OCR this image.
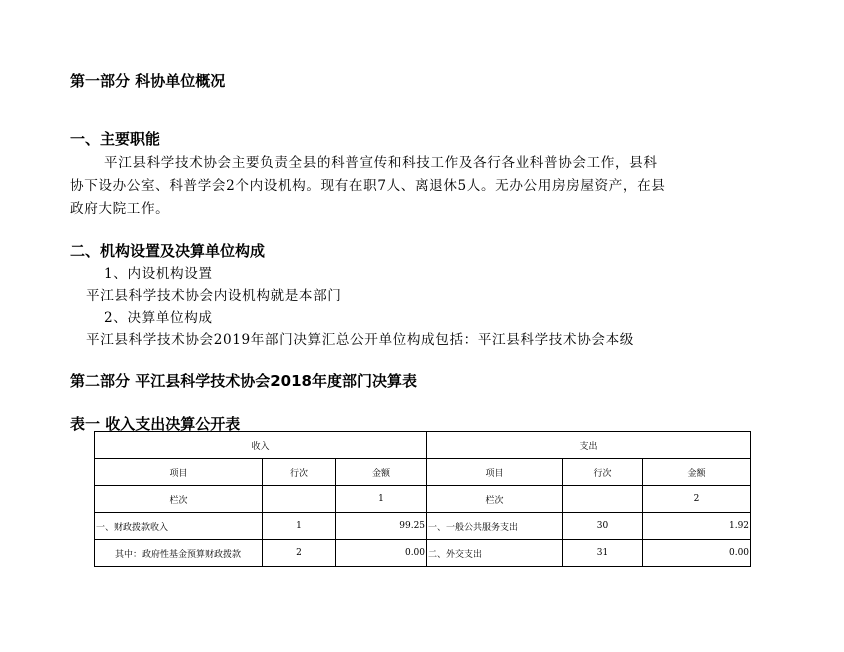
第一部分 科协单位概况
一、主要职能
平江县科学技术协会主要负责全县的科普宣传和科技工作及各行各业科普协会工作，县科
协下设办公室、科普学会2个内设机构。现有在职7人、离退休5人。无办公用房房屋资产，在县
政府大院工作。
二、机构设置及决算单位构成
1、内设机构设置
平江县科学技术协会内设机构就是本部门
2、决算单位构成
平江县科学技术协会2019年部门决算汇总公开单位构成包括：平江县科学技术协会本级
第二部分 平江县科学技术协会2018年度部门决算表
表一 收入支出决算公开表
收入			支出		
项目	行次	金额	项目	行次	金额
栏次		1	栏次		2
一、财政拨款收入	1	99.25	一、一般公共服务支出	30	1.92
其中：政府性基金预算财政拨款	2	0.00	二、外交支出	31	0.00
